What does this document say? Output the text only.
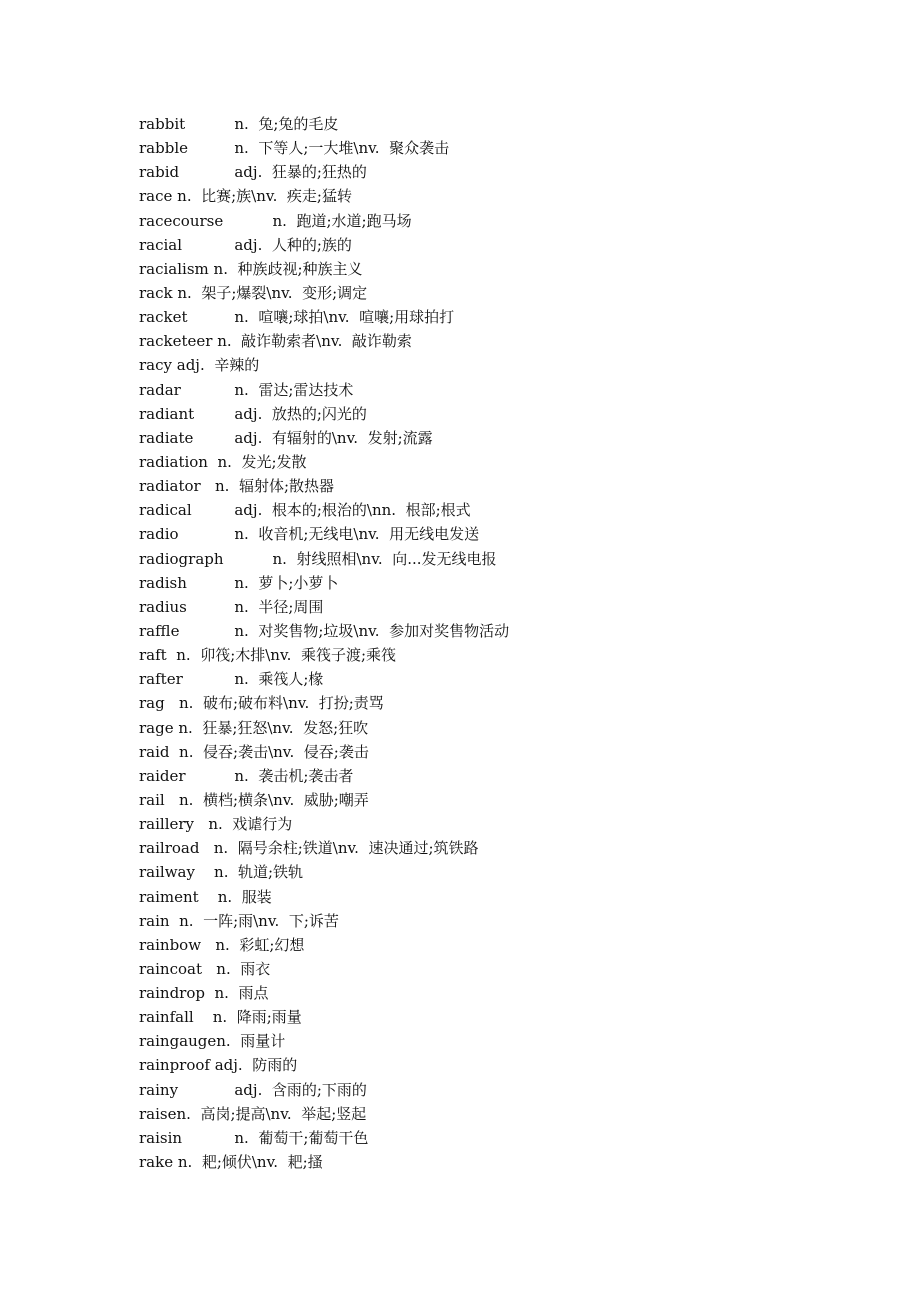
rabbit	n.  兔;兔的毛皮
rabble	n.  下等人;一大堆\nv.  聚众袭击
rabid	adj.  狂暴的;狂热的
race n.  比赛;族\nv.  疾走;猛转
racecourse	n.  跑道;水道;跑马场
racial	adj.  人种的;族的
racialism n.  种族歧视;种族主义
rack n.  架子;爆裂\nv.  变形;调定
racket	n.  喧嚷;球拍\nv.  喧嚷;用球拍打
racketeer n.  敲诈勒索者\nv.  敲诈勒索
racy adj.  辛辣的
radar	n.  雷达;雷达技术
radiant	adj.  放热的;闪光的
radiate	adj.  有辐射的\nv.  发射;流露
radiation  n.  发光;发散
radiator   n.  辐射体;散热器
radical	adj.  根本的;根治的\nn.  根部;根式
radio	n.  收音机;无线电\nv.  用无线电发送
radiograph	n.  射线照相\nv.  向...发无线电报
radish	n.  萝卜;小萝卜
radius	n.  半径;周围
raffle	n.  对奖售物;垃圾\nv.  参加对奖售物活动
raft  n.  卯筏;木排\nv.  乘筏子渡;乘筏
rafter	n.  乘筏人;椽
rag   n.  破布;破布料\nv.  打扮;责骂
rage n.  狂暴;狂怒\nv.  发怒;狂吹
raid  n.  侵吞;袭击\nv.  侵吞;袭击
raider	n.  袭击机;袭击者
rail   n.  横档;横条\nv.  威胁;嘲弄
raillery   n.  戏谑行为
railroad   n.  隔号余柱;铁道\nv.  速决通过;筑铁路
railway    n.  轨道;铁轨
raiment    n.  服装
rain  n.  一阵;雨\nv.  下;诉苦
rainbow   n.  彩虹;幻想
raincoat   n.  雨衣
raindrop  n.  雨点
rainfall    n.  降雨;雨量
raingaugen.  雨量计
rainproof adj.  防雨的
rainy	adj.  含雨的;下雨的
raisen.  高岗;提高\nv.  举起;竖起
raisin	n.  葡萄干;葡萄干色
rake n.  耙;倾伏\nv.  耙;搔
